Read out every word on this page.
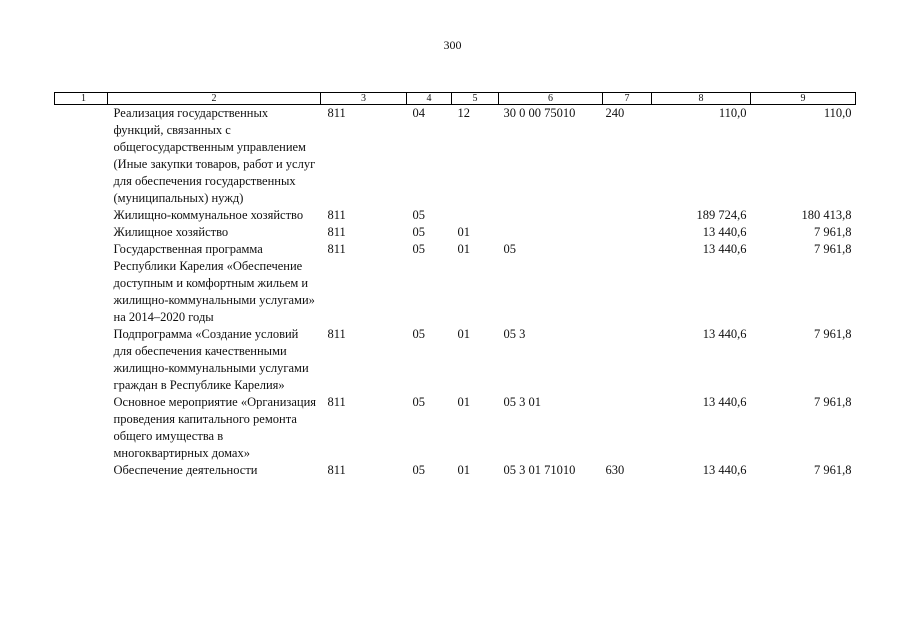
300
1	2	3	4	5	6	7	8	9
	Реализация государственных функций, связанных с общегосударственным управлением (Иные закупки товаров, работ и услуг для обеспечения государственных (муниципальных) нужд)	811	04	12	30 0 00 75010	240	110,0	110,0
	Жилищно-коммунальное хозяйство	811	05				189 724,6	180 413,8
	Жилищное хозяйство	811	05	01			13 440,6	7 961,8
	Государственная программа Республики Карелия «Обеспечение доступным и комфортным жильем и жилищно-коммунальными услугами» на 2014–2020 годы	811	05	01	05		13 440,6	7 961,8
	Подпрограмма «Создание условий для обеспечения качественными жилищно-коммунальными услугами граждан в Республике Карелия»	811	05	01	05 3		13 440,6	7 961,8
	Основное мероприятие «Организация проведения капитального ремонта общего имущества в многоквартирных домах»	811	05	01	05 3 01		13 440,6	7 961,8
	Обеспечение деятельности	811	05	01	05 3 01 71010	630	13 440,6	7 961,8
